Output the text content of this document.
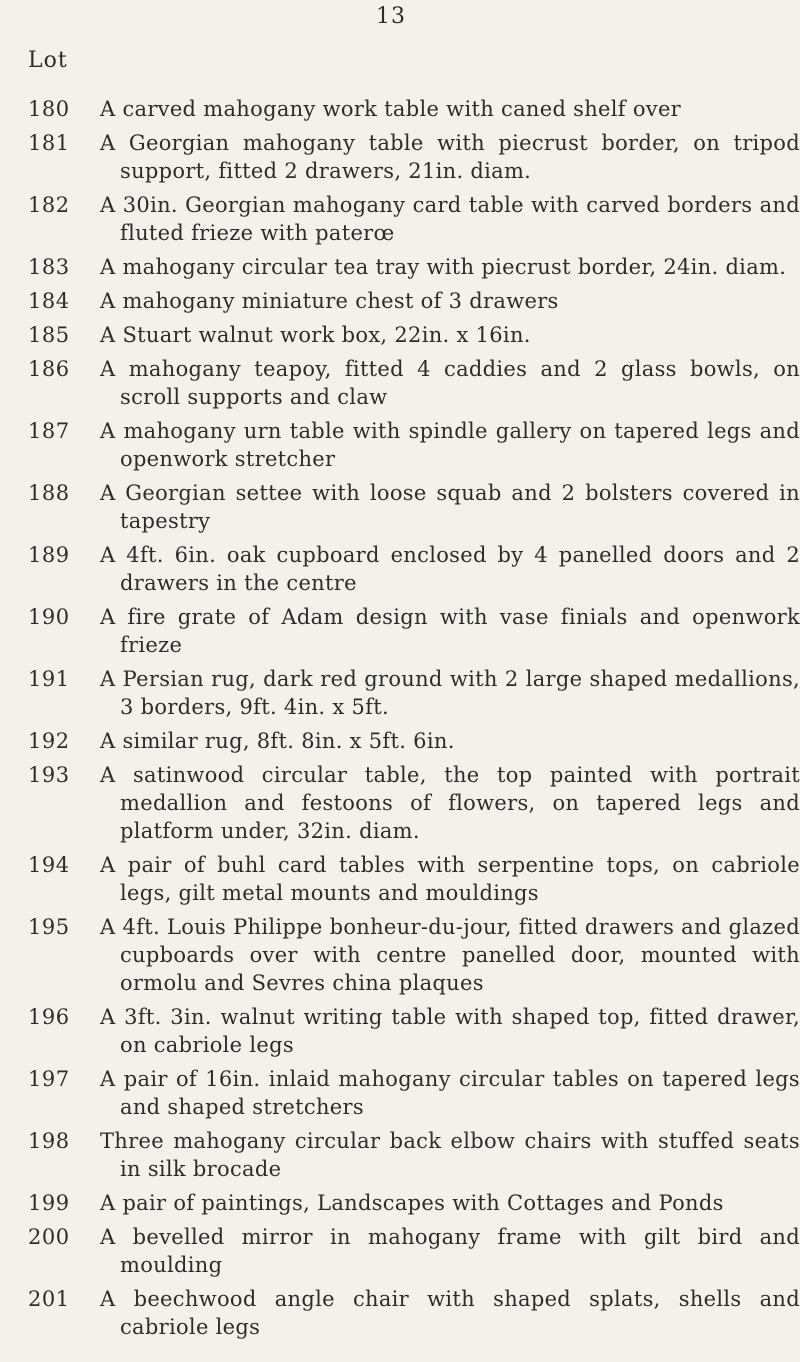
13
Lot
180	A carved mahogany work table with caned shelf over
181	A Georgian mahogany table with piecrust border, on tripod support, fitted 2 drawers, 21in. diam.
182	A 30in. Georgian mahogany card table with carved borders and fluted frieze with paterœ
183	A mahogany circular tea tray with piecrust border, 24in. diam.
184	A mahogany miniature chest of 3 drawers
185	A Stuart walnut work box, 22in. x 16in.
186	A mahogany teapoy, fitted 4 caddies and 2 glass bowls, on scroll supports and claw
187	A mahogany urn table with spindle gallery on tapered legs and openwork stretcher
188	A Georgian settee with loose squab and 2 bolsters covered in tapestry
189	A 4ft. 6in. oak cupboard enclosed by 4 panelled doors and 2 drawers in the centre
190	A fire grate of Adam design with vase finials and openwork frieze
191	A Persian rug, dark red ground with 2 large shaped medallions, 3 borders, 9ft. 4in. x 5ft.
192	A similar rug, 8ft. 8in. x 5ft. 6in.
193	A satinwood circular table, the top painted with portrait medallion and festoons of flowers, on tapered legs and platform under, 32in. diam.
194	A pair of buhl card tables with serpentine tops, on cabriole legs, gilt metal mounts and mouldings
195	A 4ft. Louis Philippe bonheur-du-jour, fitted drawers and glazed cupboards over with centre panelled door, mounted with ormolu and Sevres china plaques
196	A 3ft. 3in. walnut writing table with shaped top, fitted drawer, on cabriole legs
197	A pair of 16in. inlaid mahogany circular tables on tapered legs and shaped stretchers
198	Three mahogany circular back elbow chairs with stuffed seats in silk brocade
199	A pair of paintings, Landscapes with Cottages and Ponds
200	A bevelled mirror in mahogany frame with gilt bird and moulding
201	A beechwood angle chair with shaped splats, shells and cabriole legs
